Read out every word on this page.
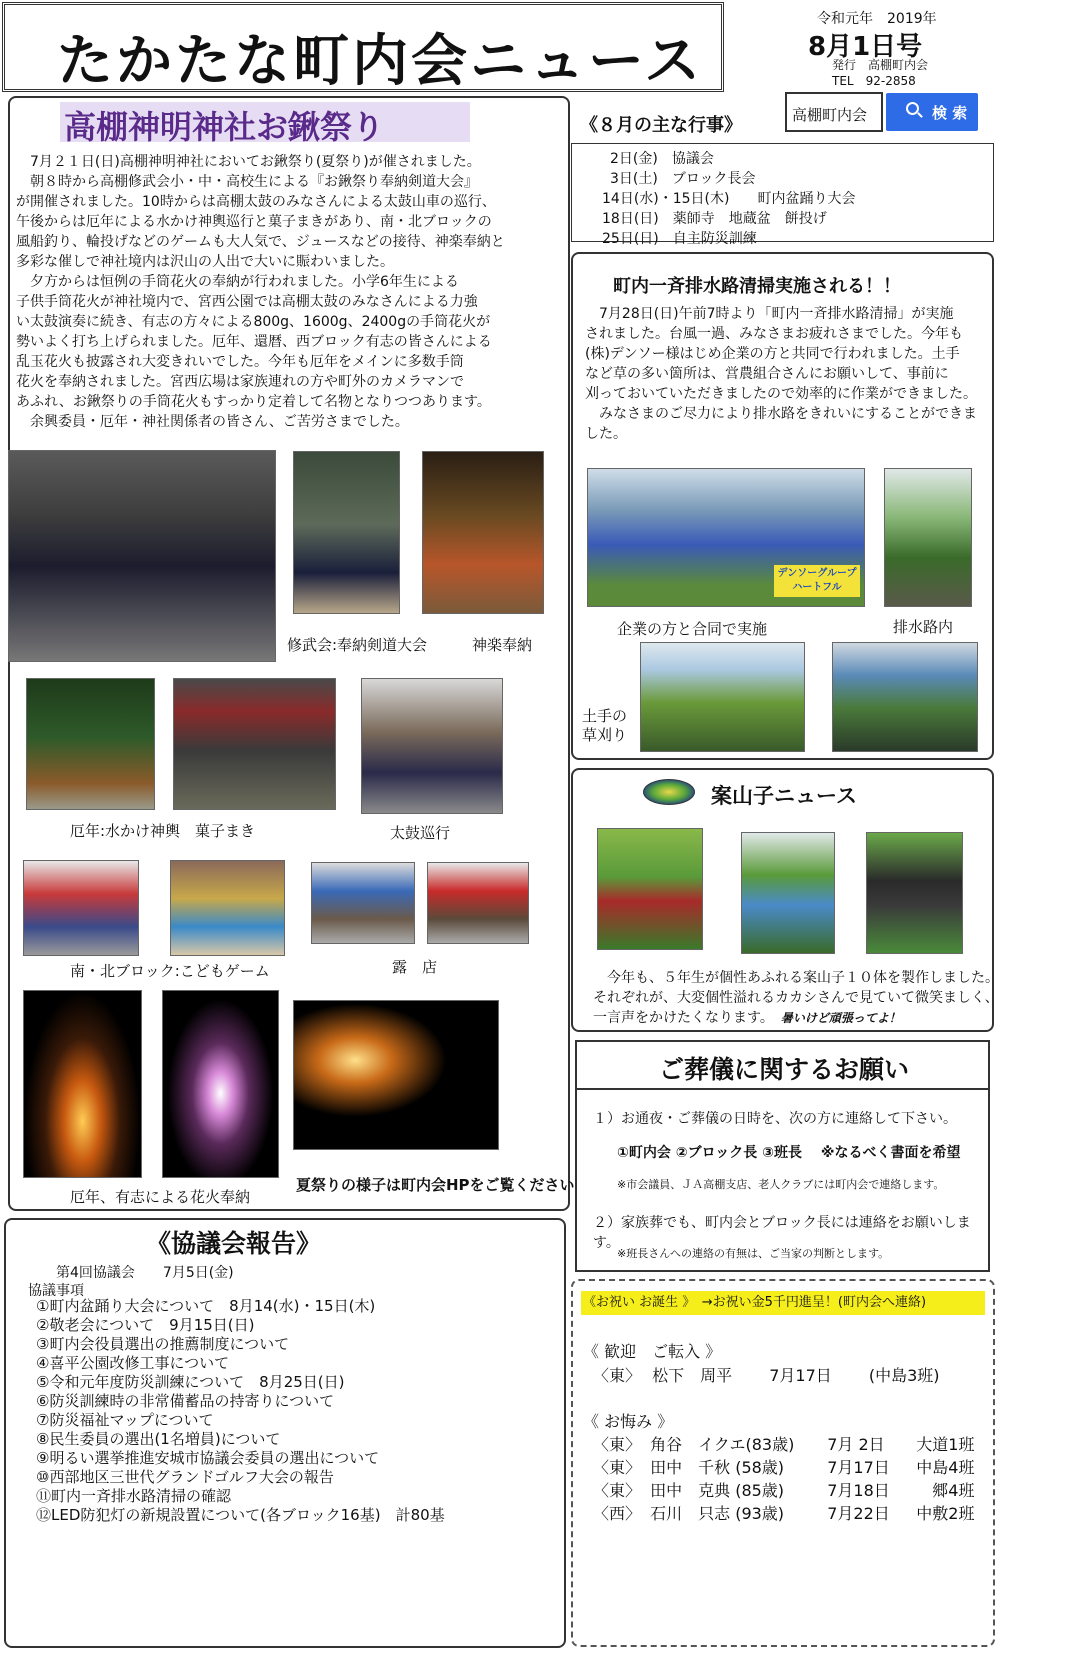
たかたな町内会ニュース
令和元年　2019年
8月1日号
発行　高棚町内会
TEL　92-2858
高棚町内会	検 索
高棚神明神社お鍬祭り
　7月２１日(日)高棚神明神社においてお鍬祭り(夏祭り)が催されました。
　朝８時から高棚修武会小・中・高校生による『お鍬祭り奉納剣道大会』
が開催されました。10時からは高棚太鼓のみなさんによる太鼓山車の巡行、
午後からは厄年による水かけ神輿巡行と菓子まきがあり、南・北ブロックの
風船釣り、輪投げなどのゲームも大人気で、ジュースなどの接待、神楽奉納と
多彩な催しで神社境内は沢山の人出で大いに賑わいました。
　夕方からは恒例の手筒花火の奉納が行われました。小学6年生による
子供手筒花火が神社境内で、宮西公園では高棚太鼓のみなさんによる力強
い太鼓演奏に続き、有志の方々による800g、1600g、2400gの手筒花火が
勢いよく打ち上げられました。厄年、還暦、西ブロック有志の皆さんによる
乱玉花火も披露され大変きれいでした。今年も厄年をメインに多数手筒
花火を奉納されました。宮西広場は家族連れの方や町外のカメラマンで
あふれ、お鍬祭りの手筒花火もすっかり定着して名物となりつつあります。
　余興委員・厄年・神社関係者の皆さん、ご苦労さまでした。
修武会:奉納剣道大会	神楽奉納
厄年:水かけ神輿　菓子まき	太鼓巡行
南・北ブロック:こどもゲーム	露　店
厄年、有志による花火奉納
夏祭りの様子は町内会HPをご覧ください
《８月の主な行事》
2日(金)　協議会
3日(土)　ブロック長会
14日(水)・15日(木)　　町内盆踊り大会
18日(日)　薬師寺　地蔵盆　餅投げ
25日(日)　自主防災訓練
町内一斉排水路清掃実施される！！
　7月28日(日)午前7時より「町内一斉排水路清掃」が実施
されました。台風一過、みなさまお疲れさまでした。今年も
(株)デンソー様はじめ企業の方と共同で行われました。土手
など草の多い箇所は、営農組合さんにお願いして、事前に
刈っておいていただきましたので効率的に作業ができました。
　みなさまのご尽力により排水路をきれいにすることができま
した。
デンソーグループ ハートフル
企業の方と合同で実施	排水路内
土手の
草刈り
案山子ニュース
　今年も、５年生が個性あふれる案山子１０体を製作しました。
それぞれが、大変個性溢れるカカシさんで見ていて微笑ましく、
一言声をかけたくなります。　 暑いけど頑張ってよ！
ご葬儀に関するお願い
１）お通夜・ご葬儀の日時を、次の方に連絡して下さい。
①町内会 ②ブロック長 ③班長　 ※なるべく書面を希望
※市会議員、ＪＡ高棚支店、老人クラブには町内会で連絡します。
２）家族葬でも、町内会とブロック長には連絡をお願いします。
※班長さんへの連絡の有無は、ご当家の判断とします。
《協議会報告》
第4回協議会　　7月5日(金)
協議事項
①町内盆踊り大会について　8月14(水)・15日(木)
②敬老会について　9月15日(日)
③町内会役員選出の推薦制度について
④喜平公園改修工事について
⑤令和元年度防災訓練について　8月25日(日)
⑥防災訓練時の非常備蓄品の持寄りについて
⑦防災福祉マップについて
⑧民生委員の選出(1名増員)について
⑨明るい選挙推進安城市協議会委員の選出について
⑩西部地区三世代グランドゴルフ大会の報告
⑪町内一斉排水路清掃の確認
⑫LED防犯灯の新規設置について(各ブロック16基)　計80基
《お祝い お誕生 》　→お祝い金5千円進呈！(町内会へ連絡)
《 歓迎　ご転入 》
〈東〉 松下　周平 7月17日 (中島3班)
《 お悔み 》
〈東〉 角谷　イクエ(83歳) 7月 2日 大道1班
〈東〉 田中　千秋 (58歳)	7月17日 中島4班
〈東〉 田中　克典 (85歳)	7月18日	郷4班
〈西〉 石川　只志 (93歳)	7月22日 中敷2班
